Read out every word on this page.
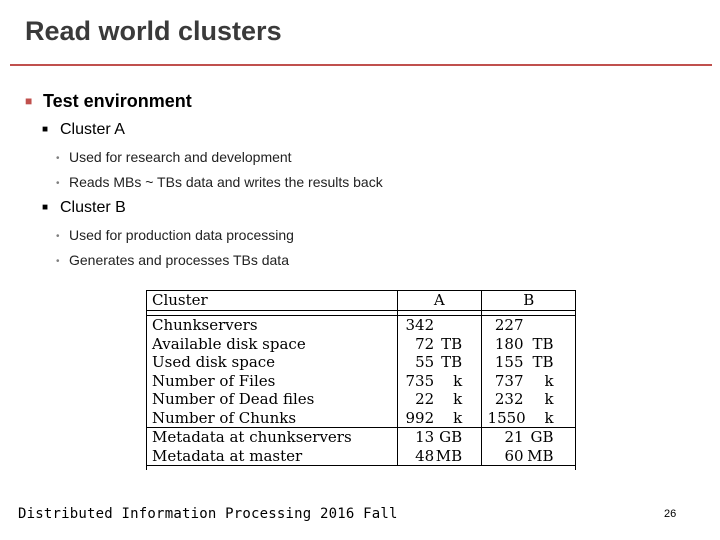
Read world clusters
■ Test environment
■ Cluster A
• Used for research and development
• Reads MBs ~ TBs data and writes the results back
■ Cluster B
• Used for production data processing
• Generates and processes TBs data
Cluster	A	B

Chunkservers	342	227
Available disk space	72 TB	180 TB
Used disk space	55 TB	155 TB
Number of Files	735 k	737 k
Number of Dead files	22 k	232 k
Number of Chunks	992 k	1550 k
Metadata at chunkservers	13 GB	21 GB
Metadata at master	48 MB	60 MB
Distributed Information Processing 2016 Fall	26
